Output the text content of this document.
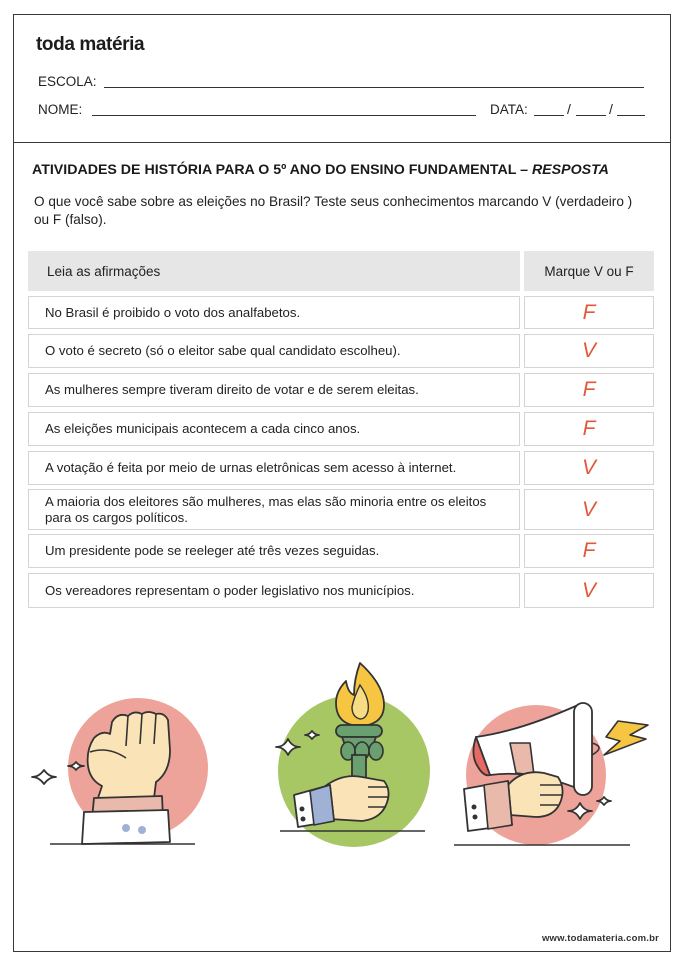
toda matéria
ESCOLA:
NOME:	DATA:	/	/
ATIVIDADES DE HISTÓRIA PARA O 5º ANO DO ENSINO FUNDAMENTAL – RESPOSTA
O que você sabe sobre as eleições no Brasil? Teste seus conhecimentos marcando V (verdadeiro ) ou F (falso).
Leia as afirmações	Marque V ou F
No Brasil é proibido o voto dos analfabetos.	F
O voto é secreto (só o eleitor sabe qual candidato escolheu).	V
As mulheres sempre tiveram direito de votar e de serem eleitas.	F
As eleições municipais acontecem a cada cinco anos.	F
A votação é feita por meio de urnas eletrônicas sem acesso à internet.	V
A maioria dos eleitores são mulheres, mas elas são minoria entre os eleitos para os cargos políticos.	V
Um presidente pode se reeleger até três vezes seguidas.	F
Os vereadores representam o poder legislativo nos municípios.	V
www.todamateria.com.br
